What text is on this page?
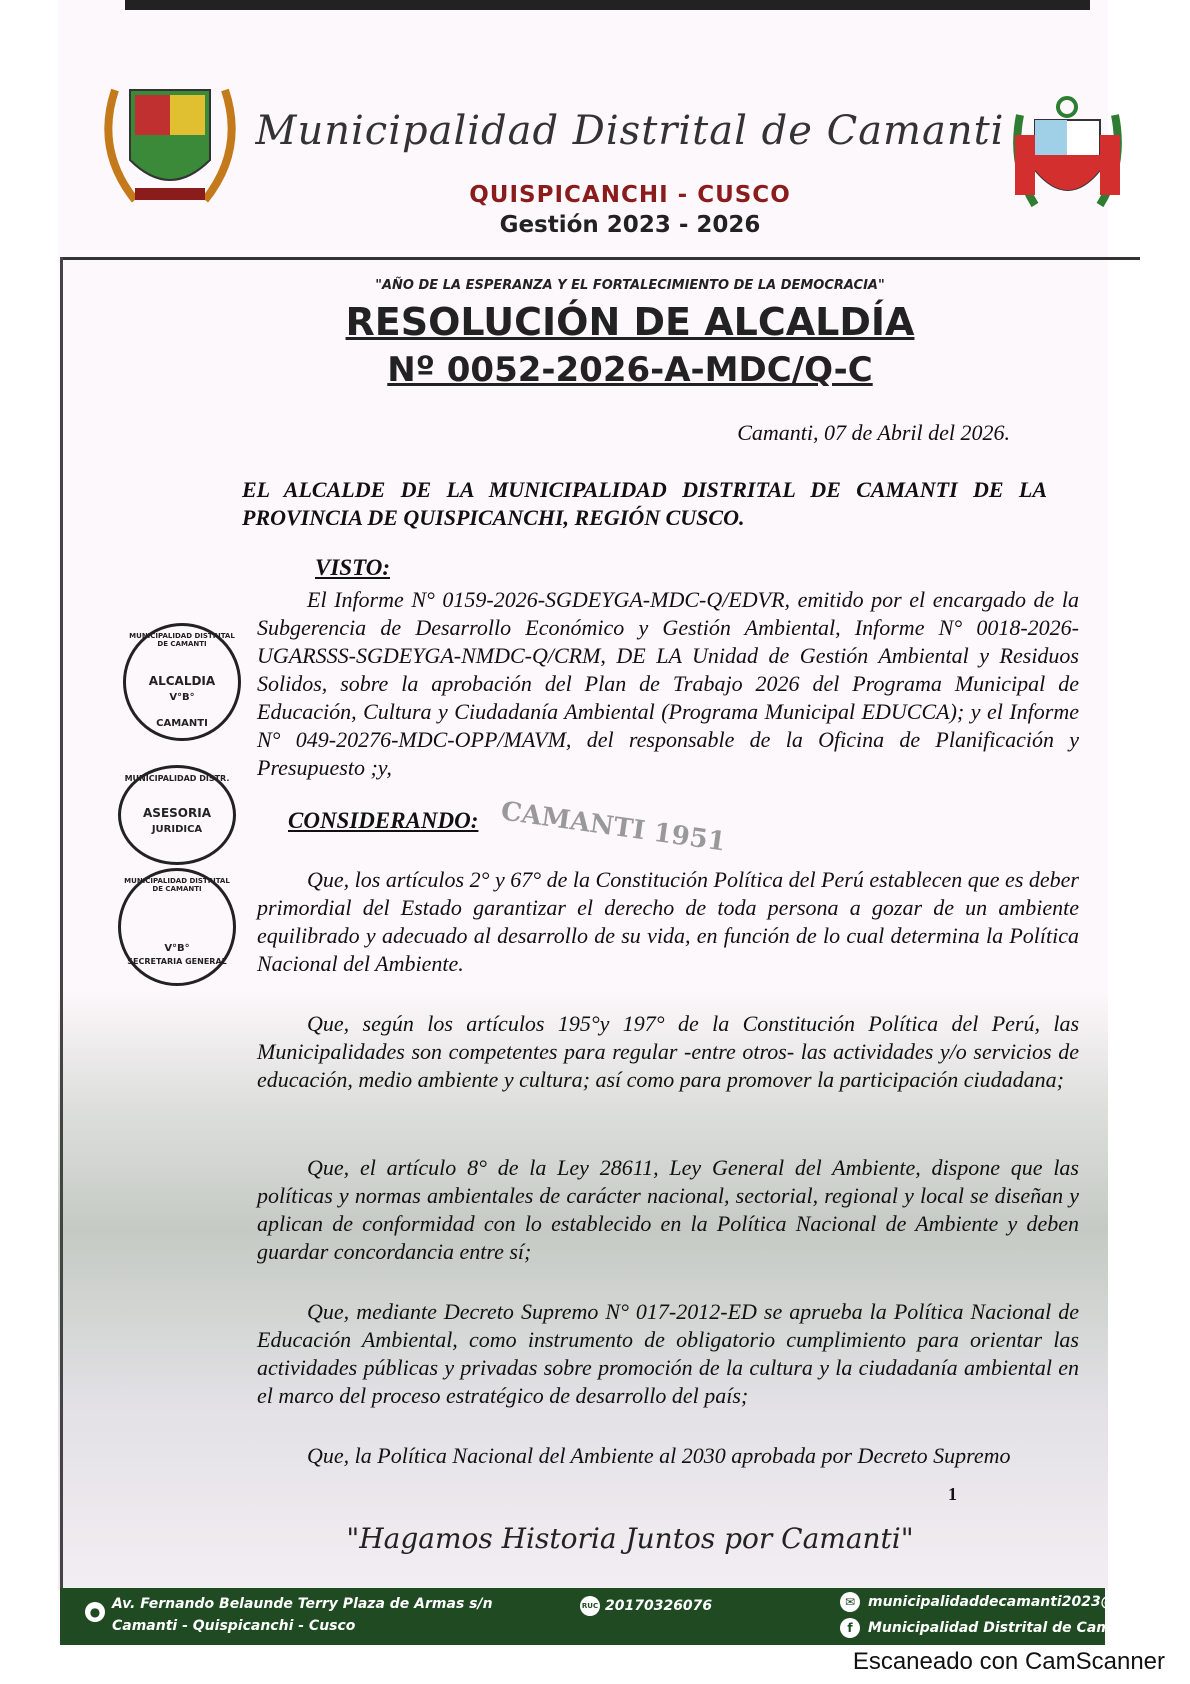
Municipalidad Distrital de Camanti
QUISPICANCHI - CUSCO
Gestión 2023 - 2026
"AÑO DE LA ESPERANZA Y EL FORTALECIMIENTO DE LA DEMOCRACIA"
RESOLUCIÓN DE ALCALDÍA
Nº 0052-2026-A-MDC/Q-C
Camanti, 07 de Abril del 2026.
EL ALCALDE DE LA MUNICIPALIDAD DISTRITAL DE CAMANTI DE LA PROVINCIA DE QUISPICANCHI, REGIÓN CUSCO.
VISTO:
El Informe N° 0159-2026-SGDEYGA-MDC-Q/EDVR, emitido por el encargado de la Subgerencia de Desarrollo Económico y Gestión Ambiental, Informe N° 0018-2026-UGARSSS-SGDEYGA-NMDC-Q/CRM, DE LA Unidad de Gestión Ambiental y Residuos Solidos, sobre la aprobación del Plan de Trabajo 2026 del Programa Municipal de Educación, Cultura y Ciudadanía Ambiental (Programa Municipal EDUCCA); y el Informe N° 049-20276-MDC-OPP/MAVM, del responsable de la Oficina de Planificación y Presupuesto ;y,
CONSIDERANDO: CAMANTI 1951
Que, los artículos 2° y 67° de la Constitución Política del Perú establecen que es deber primordial del Estado garantizar el derecho de toda persona a gozar de un ambiente equilibrado y adecuado al desarrollo de su vida, en función de lo cual determina la Política Nacional del Ambiente.
Que, según los artículos 195°y 197° de la Constitución Política del Perú, las Municipalidades son competentes para regular -entre otros- las actividades y/o servicios de educación, medio ambiente y cultura; así como para promover la participación ciudadana;
Que, el artículo 8° de la Ley 28611, Ley General del Ambiente, dispone que las políticas y normas ambientales de carácter nacional, sectorial, regional y local se diseñan y aplican de conformidad con lo establecido en la Política Nacional de Ambiente y deben guardar concordancia entre sí;
Que, mediante Decreto Supremo N° 017-2012-ED se aprueba la Política Nacional de Educación Ambiental, como instrumento de obligatorio cumplimiento para orientar las actividades públicas y privadas sobre promoción de la cultura y la ciudadanía ambiental en el marco del proceso estratégico de desarrollo del país;
Que, la Política Nacional del Ambiente al 2030 aprobada por Decreto Supremo
MUNICIPALIDAD DISTRITAL DE CAMANTI
ALCALDIA
V°B°
CAMANTI
MUNICIPALIDAD DISTR.
ASESORIA
JURIDICA
MUNICIPALIDAD DISTRITAL DE CAMANTI
V°B°
SECRETARIA GENERAL
1
"Hagamos Historia Juntos por Camanti"
● Av. Fernando Belaunde Terry Plaza de Armas s/n
Camanti - Quispicanchi - Cusco
RUC 20170326076	✉ municipalidaddecamanti2023@g
f	Municipalidad Distrital de Cama
Escaneado con CamScanner
